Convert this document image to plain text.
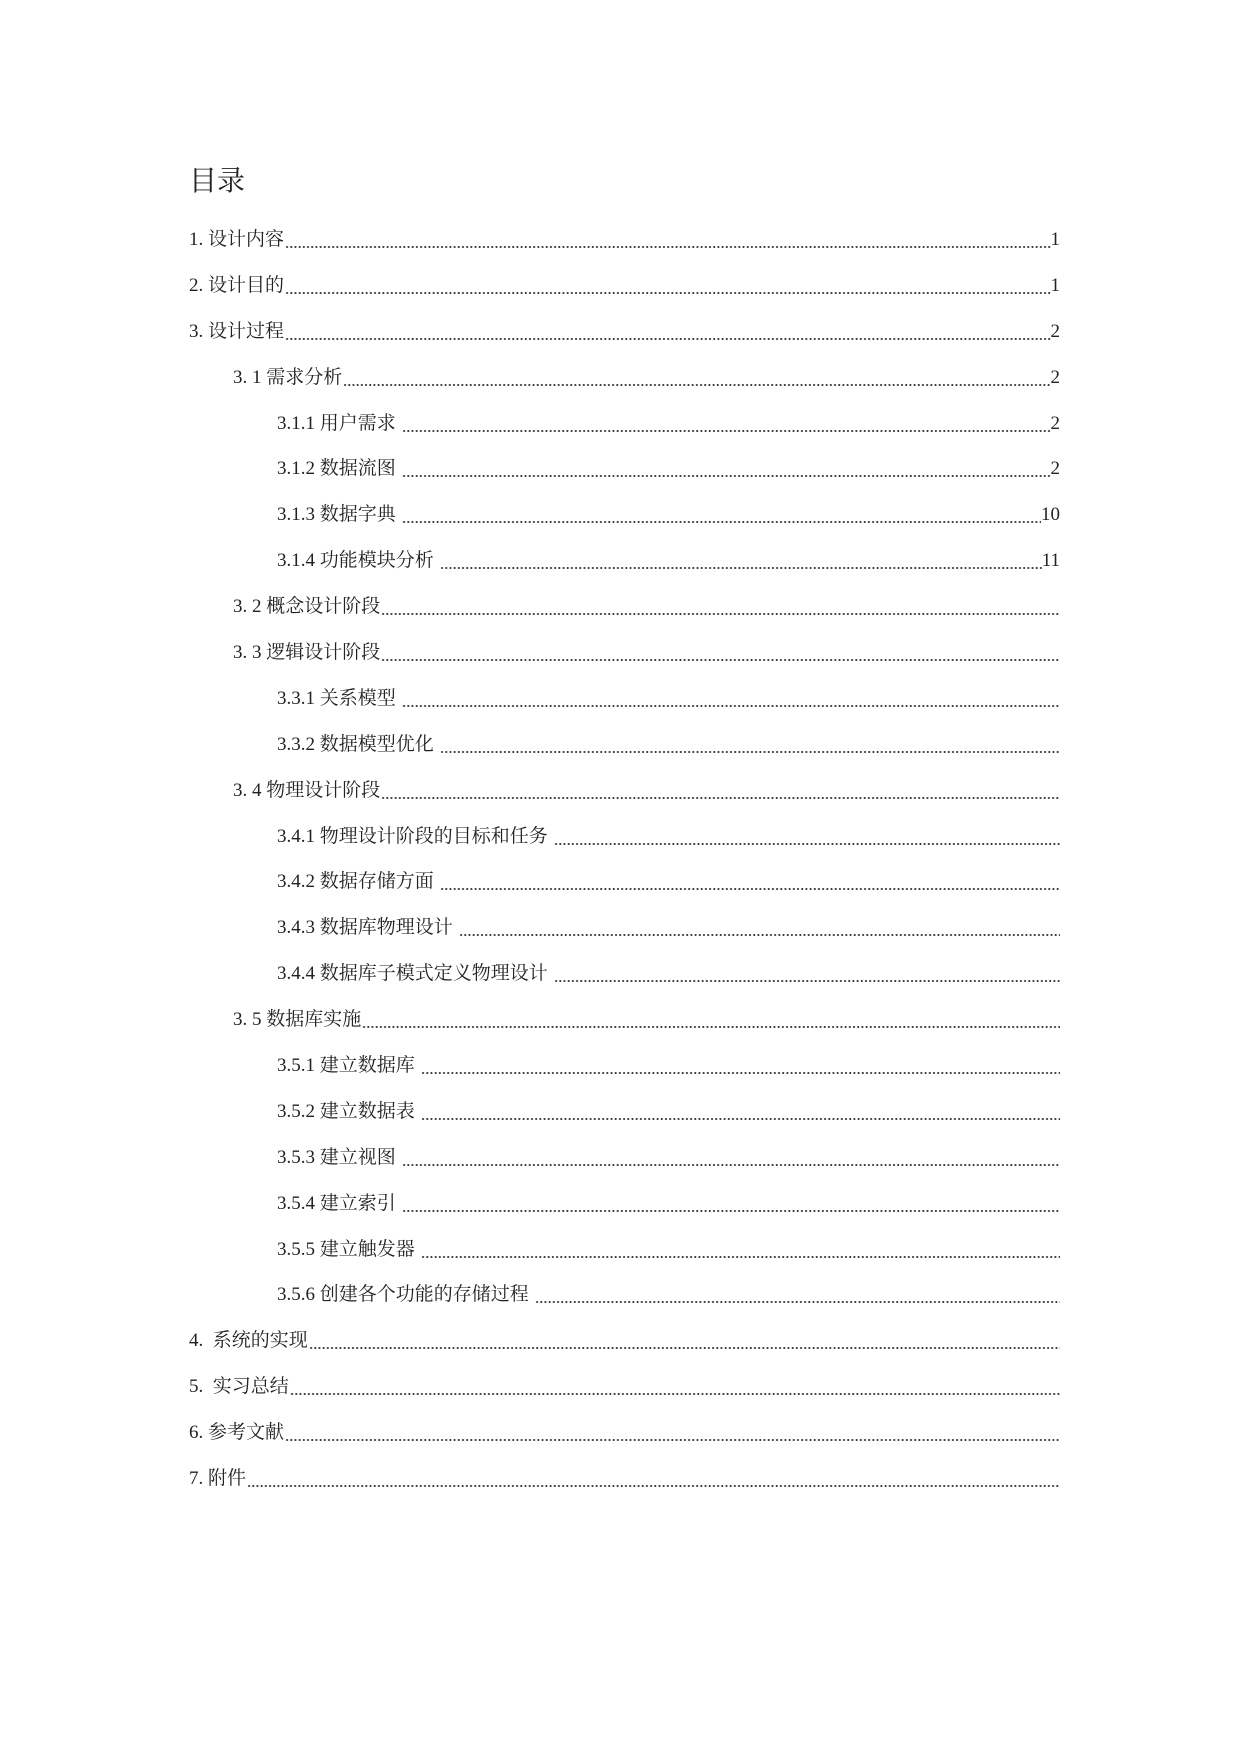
目录
1. 设计内容	1
2. 设计目的	1
3. 设计过程	2
3. 1 需求分析	2
3.1.1 用户需求	2
3.1.2 数据流图	2
3.1.3 数据字典	10
3.1.4 功能模块分析	11
3. 2 概念设计阶段
3. 3 逻辑设计阶段
3.3.1 关系模型
3.3.2 数据模型优化
3. 4 物理设计阶段
3.4.1 物理设计阶段的目标和任务
3.4.2 数据存储方面
3.4.3 数据库物理设计
3.4.4 数据库子模式定义物理设计
3. 5 数据库实施
3.5.1 建立数据库
3.5.2 建立数据表
3.5.3 建立视图
3.5.4 建立索引
3.5.5 建立触发器
3.5.6 创建各个功能的存储过程
4.  系统的实现
5.  实习总结
6. 参考文献
7. 附件
